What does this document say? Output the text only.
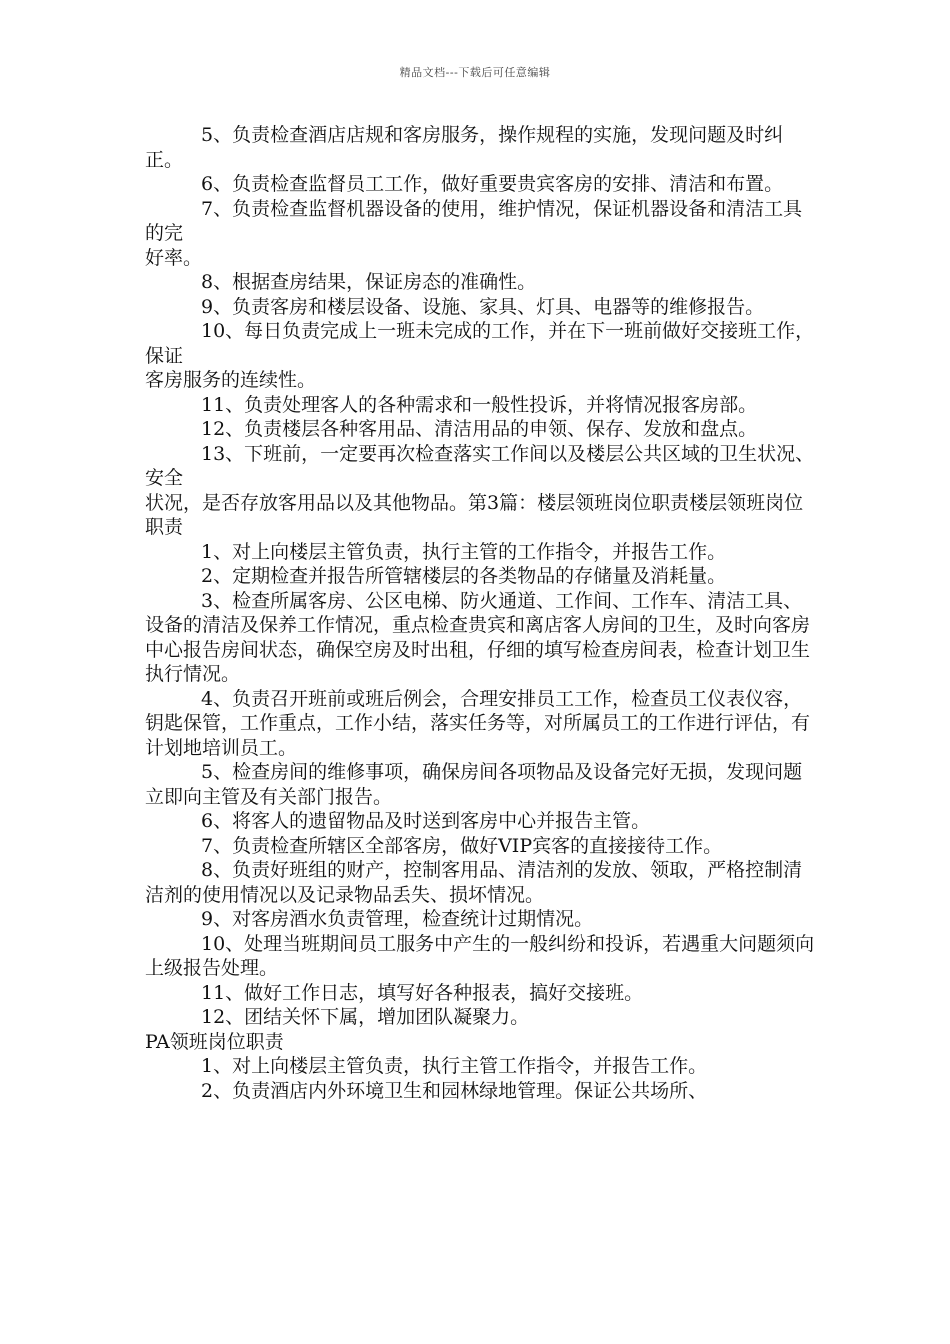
精品文档---下载后可任意编辑

5、负责检查酒店店规和客房服务，操作规程的实施，发现问题及时纠正。

6、负责检查监督员工工作，做好重要贵宾客房的安排、清洁和布置。

7、负责检查监督机器设备的使用，维护情况，保证机器设备和清洁工具的完

好率。

8、根据查房结果，保证房态的准确性。

9、负责客房和楼层设备、设施、家具、灯具、电器等的维修报告。

10、每日负责完成上一班未完成的工作，并在下一班前做好交接班工作，保证

客房服务的连续性。

11、负责处理客人的各种需求和一般性投诉，并将情况报客房部。

12、负责楼层各种客用品、清洁用品的申领、保存、发放和盘点。

13、下班前，一定要再次检查落实工作间以及楼层公共区域的卫生状况、安全

状况，是否存放客用品以及其他物品。第3篇：楼层领班岗位职责楼层领班岗位职责

1、对上向楼层主管负责，执行主管的工作指令，并报告工作。

2、定期检查并报告所管辖楼层的各类物品的存储量及消耗量。

3、检查所属客房、公区电梯、防火通道、工作间、工作车、清洁工具、设备的清洁及保养工作情况，重点检查贵宾和离店客人房间的卫生，及时向客房中心报告房间状态，确保空房及时出租，仔细的填写检查房间表，检查计划卫生执行情况。

4、负责召开班前或班后例会，合理安排员工工作，检查员工仪表仪容，钥匙保管，工作重点，工作小结，落实任务等，对所属员工的工作进行评估，有计划地培训员工。

5、检查房间的维修事项，确保房间各项物品及设备完好无损，发现问题立即向主管及有关部门报告。

6、将客人的遗留物品及时送到客房中心并报告主管。

7、负责检查所辖区全部客房，做好VIP宾客的直接接待工作。

8、负责好班组的财产，控制客用品、清洁剂的发放、领取，严格控制清洁剂的使用情况以及记录物品丢失、损坏情况。

9、对客房酒水负责管理，检查统计过期情况。

10、处理当班期间员工服务中产生的一般纠纷和投诉，若遇重大问题须向上级报告处理。

11、做好工作日志，填写好各种报表，搞好交接班。

12、团结关怀下属，增加团队凝聚力。

PA领班岗位职责

1、对上向楼层主管负责，执行主管工作指令，并报告工作。

2、负责酒店内外环境卫生和园林绿地管理。保证公共场所、
